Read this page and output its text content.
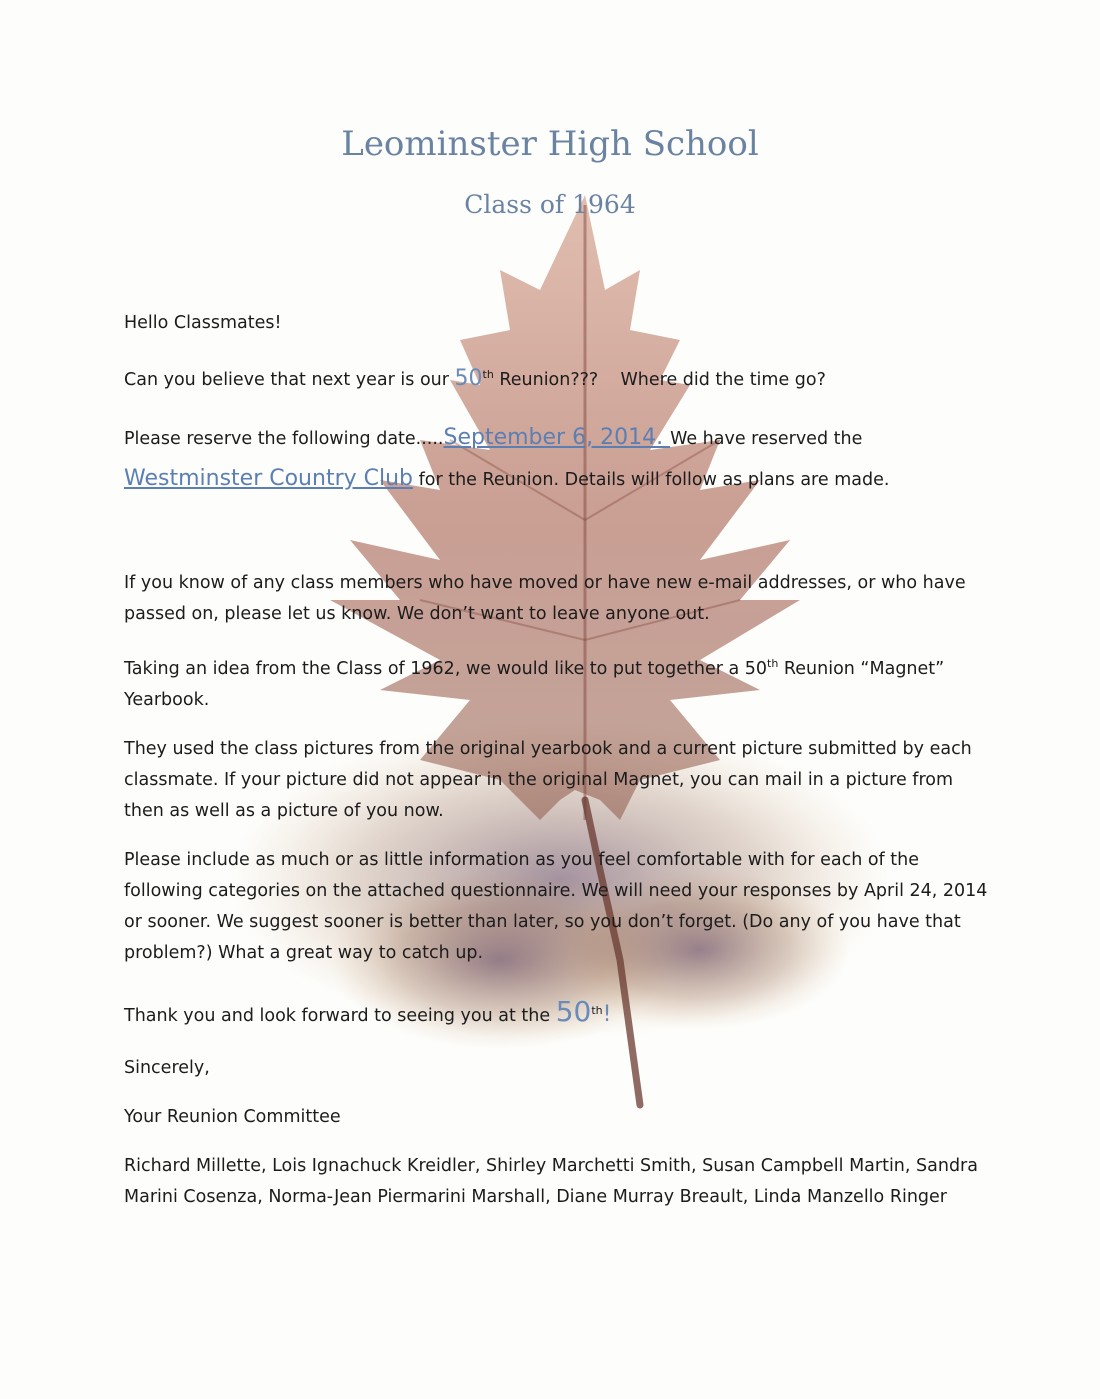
Leominster High School
Class of 1964

Hello Classmates!

Can you believe that next year is our 50th Reunion???    Where did the time go?

Please reserve the following date.....September 6, 2014. We have reserved the
Westminster Country Club for the Reunion. Details will follow as plans are made.

If you know of any class members who have moved or have new e-mail addresses, or who have passed on, please let us know. We don’t want to leave anyone out.

Taking an idea from the Class of 1962, we would like to put together a 50th Reunion “Magnet” Yearbook.

They used the class pictures from the original yearbook and a current picture submitted by each classmate. If your picture did not appear in the original Magnet, you can mail in a picture from then as well as a picture of you now.

Please include as much or as little information as you feel comfortable with for each of the following categories on the attached questionnaire. We will need your responses by April 24, 2014 or sooner. We suggest sooner is better than later, so you don’t forget. (Do any of you have that problem?) What a great way to catch up.

Thank you and look forward to seeing you at the 50th!

Sincerely,

Your Reunion Committee

Richard Millette, Lois Ignachuck Kreidler, Shirley Marchetti Smith, Susan Campbell Martin, Sandra Marini Cosenza, Norma-Jean Piermarini Marshall, Diane Murray Breault, Linda Manzello Ringer
